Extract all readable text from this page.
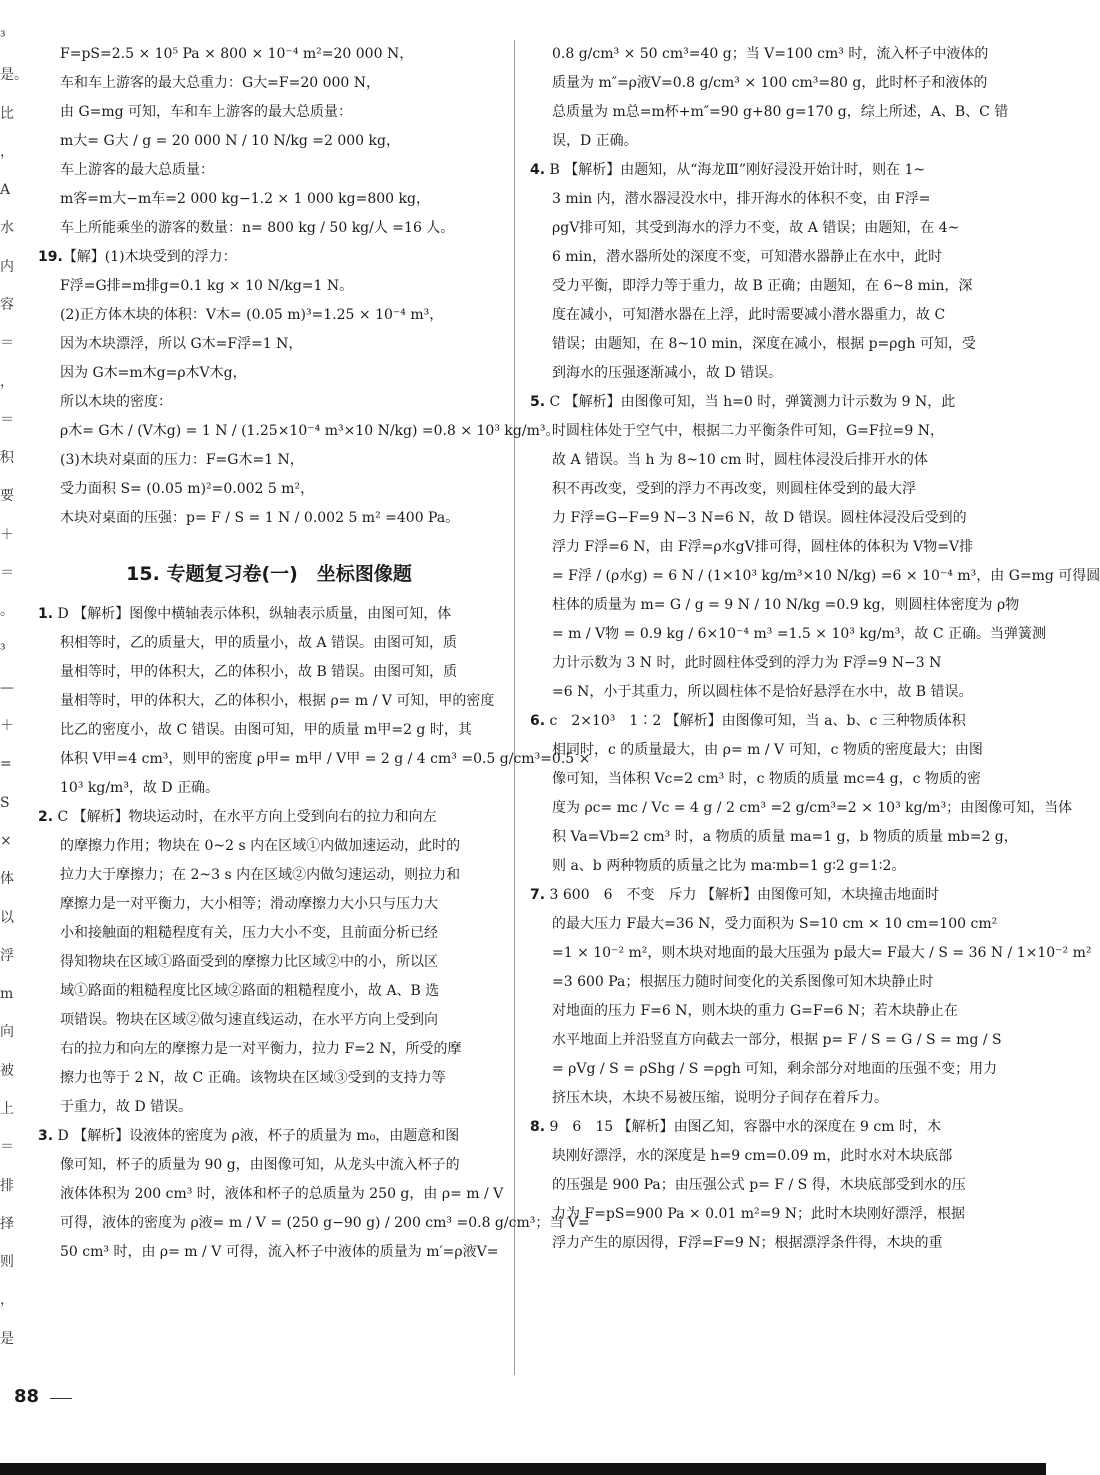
³
是。
比
，
A
水
内
容
＝
，
＝
积
要
＋
＝
。
³
—
＋
=
S
×
体
以
浮
m
向
被
上
＝
排
择
则
，
是
F=pS=2.5 × 10⁵ Pa × 800 × 10⁻⁴ m²=20 000 N，
车和车上游客的最大总重力：G大=F=20 000 N，
由 G=mg 可知，车和车上游客的最大总质量：
m大= G大 / g = 20 000 N / 10 N/kg =2 000 kg，
车上游客的最大总质量：
m客=m大−m车=2 000 kg−1.2 × 1 000 kg=800 kg，
车上所能乘坐的游客的数量：n= 800 kg / 50 kg/人 =16 人。
19.【解】(1)木块受到的浮力：
F浮=G排=m排g=0.1 kg × 10 N/kg=1 N。
(2)正方体木块的体积：V木= (0.05 m)³=1.25 × 10⁻⁴ m³，
因为木块漂浮，所以 G木=F浮=1 N，
因为 G木=m木g=ρ木V木g，
所以木块的密度：
ρ木= G木 / (V木g) = 1 N / (1.25×10⁻⁴ m³×10 N/kg) =0.8 × 10³ kg/m³。
(3)木块对桌面的压力：F=G木=1 N，
受力面积 S= (0.05 m)²=0.002 5 m²，
木块对桌面的压强：p= F / S = 1 N / 0.002 5 m² =400 Pa。
15. 专题复习卷(一)　坐标图像题
1. D 【解析】图像中横轴表示体积，纵轴表示质量，由图可知，体
积相等时，乙的质量大，甲的质量小，故 A 错误。由图可知，质
量相等时，甲的体积大，乙的体积小，故 B 错误。由图可知，质
量相等时，甲的体积大，乙的体积小，根据 ρ= m / V 可知，甲的密度
比乙的密度小，故 C 错误。由图可知，甲的质量 m甲=2 g 时，其
体积 V甲=4 cm³，则甲的密度 ρ甲= m甲 / V甲 = 2 g / 4 cm³ =0.5 g/cm³=0.5 ×
10³ kg/m³，故 D 正确。
2. C 【解析】物块运动时，在水平方向上受到向右的拉力和向左
的摩擦力作用；物块在 0~2 s 内在区域①内做加速运动，此时的
拉力大于摩擦力；在 2~3 s 内在区域②内做匀速运动，则拉力和
摩擦力是一对平衡力，大小相等；滑动摩擦力大小只与压力大
小和接触面的粗糙程度有关，压力大小不变，且前面分析已经
得知物块在区域①路面受到的摩擦力比区域②中的小，所以区
域①路面的粗糙程度比区域②路面的粗糙程度小，故 A、B 选
项错误。物块在区域②做匀速直线运动，在水平方向上受到向
右的拉力和向左的摩擦力是一对平衡力，拉力 F=2 N，所受的摩
擦力也等于 2 N，故 C 正确。该物块在区域③受到的支持力等
于重力，故 D 错误。
3. D 【解析】设液体的密度为 ρ液，杯子的质量为 m₀，由题意和图
像可知，杯子的质量为 90 g，由图像可知，从龙头中流入杯子的
液体体积为 200 cm³ 时，液体和杯子的总质量为 250 g，由 ρ= m / V
可得，液体的密度为 ρ液= m / V = (250 g−90 g) / 200 cm³ =0.8 g/cm³；当 V=
50 cm³ 时，由 ρ= m / V 可得，流入杯子中液体的质量为 m′=ρ液V=
0.8 g/cm³ × 50 cm³=40 g；当 V=100 cm³ 时，流入杯子中液体的
质量为 m″=ρ液V=0.8 g/cm³ × 100 cm³=80 g，此时杯子和液体的
总质量为 m总=m杯+m″=90 g+80 g=170 g，综上所述，A、B、C 错
误，D 正确。
4. B 【解析】由题知，从“海龙Ⅲ”刚好浸没开始计时，则在 1~
3 min 内，潜水器浸没水中，排开海水的体积不变，由 F浮=
ρgV排可知，其受到海水的浮力不变，故 A 错误；由题知，在 4~
6 min，潜水器所处的深度不变，可知潜水器静止在水中，此时
受力平衡，即浮力等于重力，故 B 正确；由题知，在 6~8 min，深
度在减小，可知潜水器在上浮，此时需要减小潜水器重力，故 C
错误；由题知，在 8~10 min，深度在减小，根据 p=ρgh 可知，受
到海水的压强逐渐减小，故 D 错误。
5. C 【解析】由图像可知，当 h=0 时，弹簧测力计示数为 9 N，此
时圆柱体处于空气中，根据二力平衡条件可知，G=F拉=9 N，
故 A 错误。当 h 为 8~10 cm 时，圆柱体浸没后排开水的体
积不再改变，受到的浮力不再改变，则圆柱体受到的最大浮
力 F浮=G−F=9 N−3 N=6 N，故 D 错误。圆柱体浸没后受到的
浮力 F浮=6 N，由 F浮=ρ水gV排可得，圆柱体的体积为 V物=V排
= F浮 / (ρ水g) = 6 N / (1×10³ kg/m³×10 N/kg) =6 × 10⁻⁴ m³，由 G=mg 可得圆
柱体的质量为 m= G / g = 9 N / 10 N/kg =0.9 kg，则圆柱体密度为 ρ物
= m / V物 = 0.9 kg / 6×10⁻⁴ m³ =1.5 × 10³ kg/m³，故 C 正确。当弹簧测
力计示数为 3 N 时，此时圆柱体受到的浮力为 F浮=9 N−3 N
=6 N，小于其重力，所以圆柱体不是恰好悬浮在水中，故 B 错误。
6. c　2×10³　1∶2 【解析】由图像可知，当 a、b、c 三种物质体积
相同时，c 的质量最大，由 ρ= m / V 可知，c 物质的密度最大；由图
像可知，当体积 Vc=2 cm³ 时，c 物质的质量 mc=4 g，c 物质的密
度为 ρc= mc / Vc = 4 g / 2 cm³ =2 g/cm³=2 × 10³ kg/m³；由图像可知，当体
积 Va=Vb=2 cm³ 时，a 物质的质量 ma=1 g，b 物质的质量 mb=2 g，
则 a、b 两种物质的质量之比为 ma∶mb=1 g∶2 g=1∶2。
7. 3 600　6　不变　斥力 【解析】由图像可知，木块撞击地面时
的最大压力 F最大=36 N，受力面积为 S=10 cm × 10 cm=100 cm²
=1 × 10⁻² m²，则木块对地面的最大压强为 p最大= F最大 / S = 36 N / 1×10⁻² m²
=3 600 Pa；根据压力随时间变化的关系图像可知木块静止时
对地面的压力 F=6 N，则木块的重力 G=F=6 N；若木块静止在
水平地面上并沿竖直方向截去一部分，根据 p= F / S = G / S = mg / S
= ρVg / S = ρShg / S =ρgh 可知，剩余部分对地面的压强不变；用力
挤压木块，木块不易被压缩，说明分子间存在着斥力。
8. 9　6　15 【解析】由图乙知，容器中水的深度在 9 cm 时，木
块刚好漂浮，水的深度是 h=9 cm=0.09 m，此时水对木块底部
的压强是 900 Pa；由压强公式 p= F / S 得，木块底部受到水的压
力为 F=pS=900 Pa × 0.01 m²=9 N；此时木块刚好漂浮，根据
浮力产生的原因得，F浮=F=9 N；根据漂浮条件得，木块的重
88
